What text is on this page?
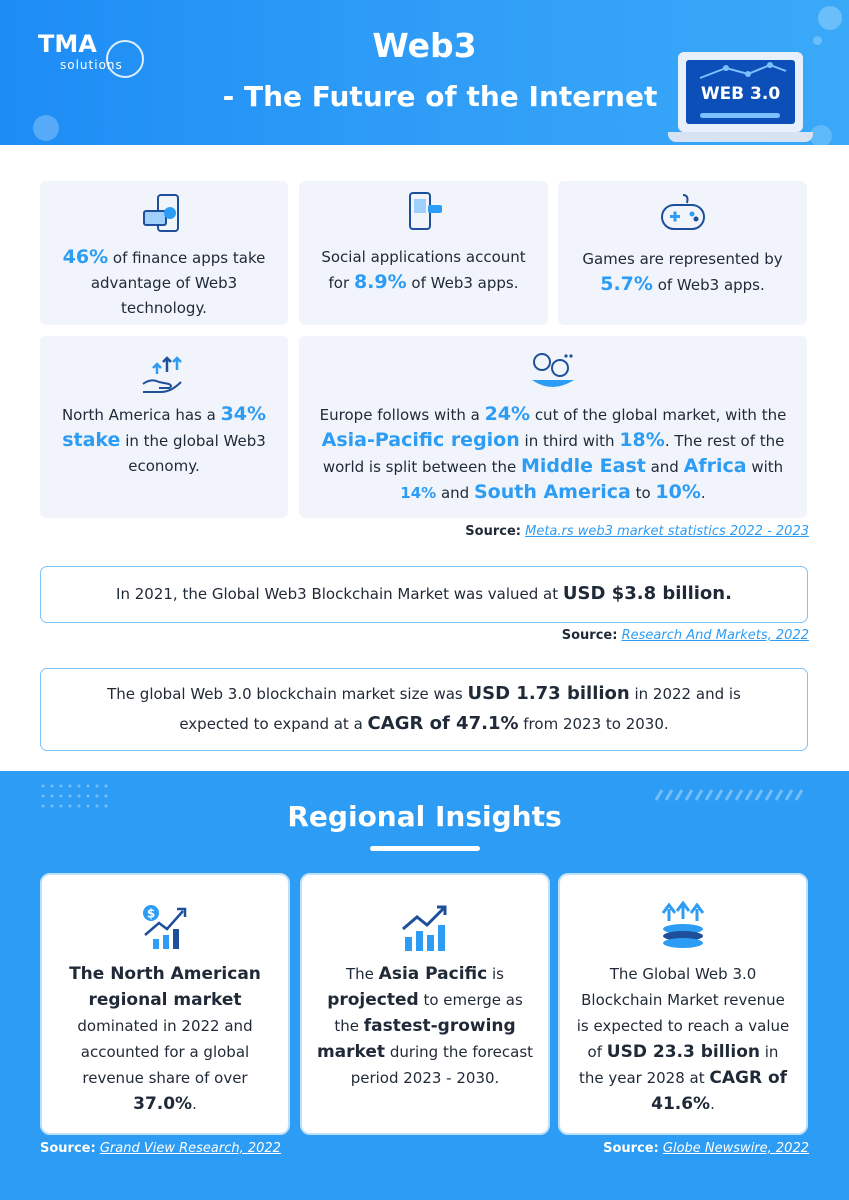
TMA
solutions	Web3
- The Future of the Internet	WEB 3.0
46% of finance apps take advantage of Web3 technology.
Social applications account for 8.9% of Web3 apps.
Games are represented by 5.7% of Web3 apps.
North America has a 34% stake in the global Web3 economy.
Europe follows with a 24% cut of the global market, with the Asia-Pacific region in third with 18%. The rest of the world is split between the Middle East and Africa with 14% and South America to 10%.
Source: Meta.rs web3 market statistics 2022 - 2023
In 2021, the Global Web3 Blockchain Market was valued at USD $3.8 billion.
Source: Research And Markets, 2022
The global Web 3.0 blockchain market size was USD 1.73 billion in 2022 and is expected to expand at a CAGR of 47.1% from 2023 to 2030.
Regional Insights
$
The North American regional market dominated in 2022 and accounted for a global revenue share of over 37.0%.
The Asia Pacific is projected to emerge as the fastest-growing market during the forecast period 2023 - 2030.
The Global Web 3.0 Blockchain Market revenue is expected to reach a value of USD 23.3 billion in the year 2028 at CAGR of 41.6%.
Source: Grand View Research, 2022	Source: Globe Newswire, 2022
